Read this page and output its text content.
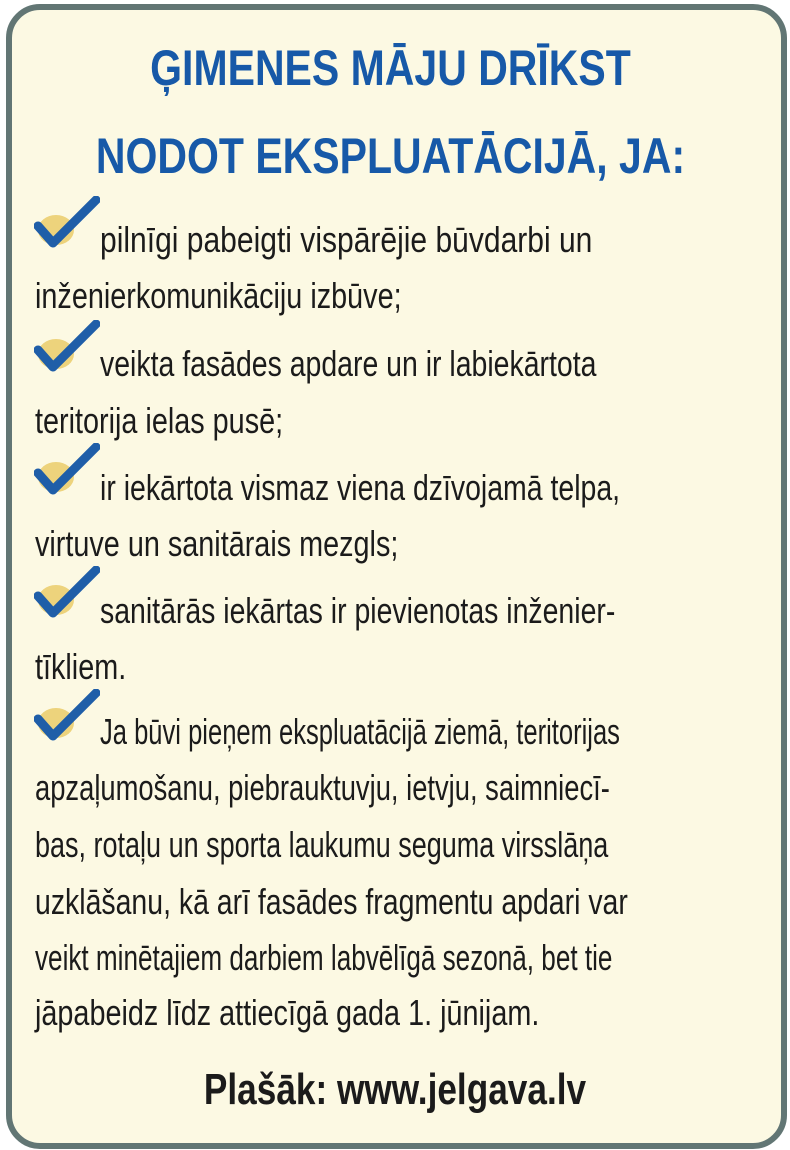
ĢIMENES MĀJU DRĪKST
NODOT EKSPLUATĀCIJĀ, JA:
pilnīgi pabeigti vispārējie būvdarbi un
inženierkomunikāciju izbūve;
veikta fasādes apdare un ir labiekārtota
teritorija ielas pusē;
ir iekārtota vismaz viena dzīvojamā telpa,
virtuve un sanitārais mezgls;
sanitārās iekārtas ir pievienotas inženier-
tīkliem.
Ja būvi pieņem ekspluatācijā ziemā, teritorijas
apzaļumošanu, piebrauktuvju, ietvju, saimniecī-
bas, rotaļu un sporta laukumu seguma virsslāņa
uzklāšanu, kā arī fasādes fragmentu apdari var
veikt minētajiem darbiem labvēlīgā sezonā, bet tie
jāpabeidz līdz attiecīgā gada 1. jūnijam.
Plašāk: www.jelgava.lv
